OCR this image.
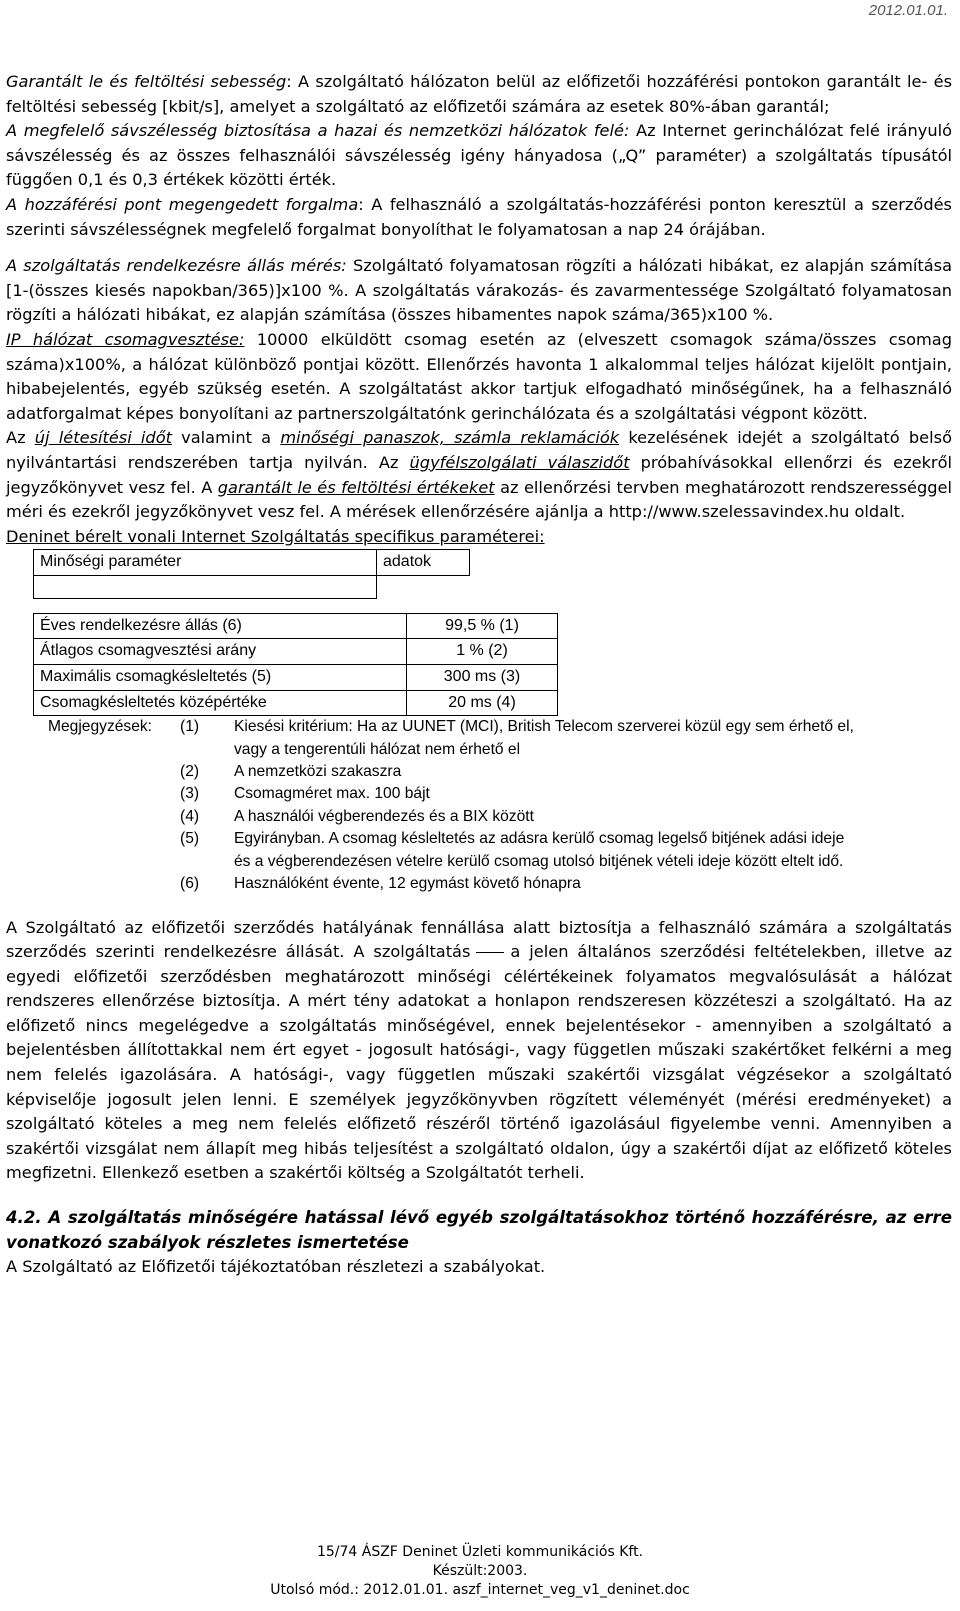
2012.01.01.

Garantált le és feltöltési sebesség: A szolgáltató hálózaton belül az előfizetői hozzáférési pontokon garantált le- és feltöltési sebesség [kbit/s], amelyet a szolgáltató az előfizetői számára az esetek 80%-ában garantál;

A megfelelő sávszélesség biztosítása a hazai és nemzetközi hálózatok felé: Az Internet gerinchálózat felé irányuló sávszélesség és az összes felhasználói sávszélesség igény hányadosa („Q” paraméter) a szolgáltatás típusától függően 0,1 és 0,3 értékek közötti érték.

A hozzáférési pont megengedett forgalma: A felhasználó a szolgáltatás-hozzáférési ponton keresztül a szerződés szerinti sávszélességnek megfelelő forgalmat bonyolíthat le folyamatosan a nap 24 órájában.

A szolgáltatás rendelkezésre állás mérés: Szolgáltató folyamatosan rögzíti a hálózati hibákat, ez alapján számítása [1-(összes kiesés napokban/365)]x100 %. A szolgáltatás várakozás- és zavarmentessége Szolgáltató folyamatosan rögzíti a hálózati hibákat, ez alapján számítása (összes hibamentes napok száma/365)x100 %.

IP hálózat csomagvesztése: 10000 elküldött csomag esetén az (elveszett csomagok száma/összes csomag száma)x100%, a hálózat különböző pontjai között. Ellenőrzés havonta 1 alkalommal teljes hálózat kijelölt pontjain, hibabejelentés, egyéb szükség esetén. A szolgáltatást akkor tartjuk elfogadható minőségűnek, ha a felhasználó adatforgalmat képes bonyolítani az partnerszolgáltatónk gerinchálózata és a szolgáltatási végpont között.

Az új létesítési időt valamint a minőségi panaszok, számla reklamációk kezelésének idejét a szolgáltató belső nyilvántartási rendszerében tartja nyilván. Az ügyfélszolgálati válaszidőt próbahívásokkal ellenőrzi és ezekről jegyzőkönyvet vesz fel. A garantált le és feltöltési értékeket az ellenőrzési tervben meghatározott rendszerességgel méri és ezekről jegyzőkönyvet vesz fel. A mérések ellenőrzésére ajánlja a http://www.szelessavindex.hu oldalt.

Deninet bérelt vonali Internet Szolgáltatás specifikus paraméterei:

Minőségi paraméter	adatok

Éves rendelkezésre állás (6)	99,5 % (1)
Átlagos csomagvesztési arány	1 % (2)
Maximális csomagkésleltetés (5)	300 ms (3)
Csomagkésleltetés középértéke	20 ms (4)
Megjegyzések:	(1)	Kiesési kritérium: Ha az UUNET (MCI), British Telecom szerverei közül egy sem érhető el, vagy a tengerentúli hálózat nem érhető el
(2)	A nemzetközi szakaszra
(3)	Csomagméret max. 100 bájt
(4)	A használói végberendezés és a BIX között
(5)	Egyirányban. A csomag késleltetés az adásra kerülő csomag legelső bitjének adási ideje és a végberendezésen vételre kerülő csomag utolsó bitjének vételi ideje között eltelt idő.
(6)	Használóként évente, 12 egymást követő hónapra

A Szolgáltató az előfizetői szerződés hatályának fennállása alatt biztosítja a felhasználó számára a szolgáltatás szerződés szerinti rendelkezésre állását. A szolgáltatás a jelen általános szerződési feltételekben, illetve az egyedi előfizetői szerződésben meghatározott minőségi célértékeinek folyamatos megvalósulását a hálózat rendszeres ellenőrzése biztosítja. A mért tény adatokat a honlapon rendszeresen közzéteszi a szolgáltató. Ha az előfizető nincs megelégedve a szolgáltatás minőségével, ennek bejelentésekor - amennyiben a szolgáltató a bejelentésben állítottakkal nem ért egyet - jogosult hatósági-, vagy független műszaki szakértőket felkérni a meg nem felelés igazolására. A hatósági-, vagy független műszaki szakértői vizsgálat végzésekor a szolgáltató képviselője jogosult jelen lenni. E személyek jegyzőkönyvben rögzített véleményét (mérési eredményeket) a szolgáltató köteles a meg nem felelés előfizető részéről történő igazolásául figyelembe venni. Amennyiben a szakértői vizsgálat nem állapít meg hibás teljesítést a szolgáltató oldalon, úgy a szakértői díjat az előfizető köteles megfizetni. Ellenkező esetben a szakértői költség a Szolgáltatót terheli.

4.2. A szolgáltatás minőségére hatással lévő egyéb szolgáltatásokhoz történő hozzáférésre, az erre vonatkozó szabályok részletes ismertetése

A Szolgáltató az Előfizetői tájékoztatóban részletezi a szabályokat.

15/74 ÁSZF Deninet Üzleti kommunikációs Kft.
Készült:2003.
Utolsó mód.: 2012.01.01. aszf_internet_veg_v1_deninet.doc
